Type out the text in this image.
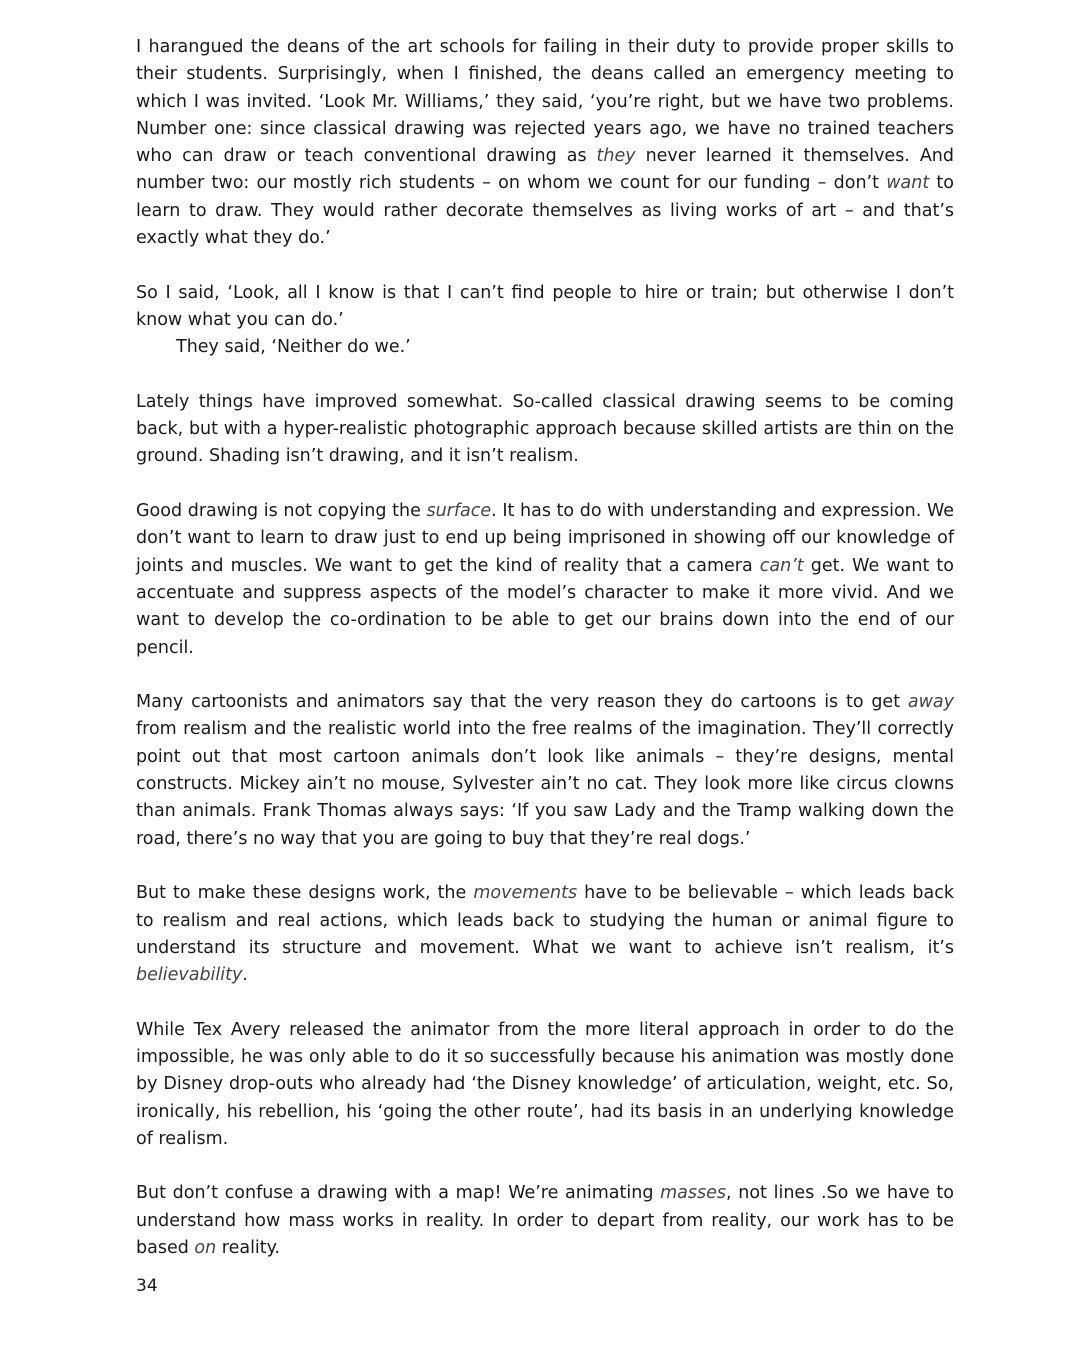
I harangued the deans of the art schools for failing in their duty to provide proper skills to their students. Surprisingly, when I finished, the deans called an emergency meeting to which I was invited. ‘Look Mr. Williams,’ they said, ‘you’re right, but we have two problems. Number one: since classical drawing was rejected years ago, we have no trained teachers who can draw or teach conventional drawing as they never learned it themselves. And number two: our mostly rich students – on whom we count for our funding – don’t want to learn to draw. They would rather decorate themselves as living works of art – and that’s exactly what they do.’

So I said, ‘Look, all I know is that I can’t find people to hire or train; but otherwise I don’t know what you can do.’

They said, ‘Neither do we.’

Lately things have improved somewhat. So-called classical drawing seems to be coming back, but with a hyper-realistic photographic approach because skilled artists are thin on the ground. Shading isn’t drawing, and it isn’t realism.

Good drawing is not copying the surface. It has to do with understanding and expression. We don’t want to learn to draw just to end up being imprisoned in showing off our knowledge of joints and muscles. We want to get the kind of reality that a camera can’t get. We want to accentuate and suppress aspects of the model’s character to make it more vivid. And we want to develop the co-ordination to be able to get our brains down into the end of our pencil.

Many cartoonists and animators say that the very reason they do cartoons is to get away from realism and the realistic world into the free realms of the imagination. They’ll correctly point out that most cartoon animals don’t look like animals – they’re designs, mental constructs. Mickey ain’t no mouse, Sylvester ain’t no cat. They look more like circus clowns than animals. Frank Thomas always says: ‘If you saw Lady and the Tramp walking down the road, there’s no way that you are going to buy that they’re real dogs.’

But to make these designs work, the movements have to be believable – which leads back to realism and real actions, which leads back to studying the human or animal figure to understand its structure and movement. What we want to achieve isn’t realism, it’s believability.

While Tex Avery released the animator from the more literal approach in order to do the impossible, he was only able to do it so successfully because his animation was mostly done by Disney drop-outs who already had ‘the Disney knowledge’ of articulation, weight, etc. So, ironically, his rebellion, his ‘going the other route’, had its basis in an underlying knowledge of realism.

But don’t confuse a drawing with a map! We’re animating masses, not lines .So we have to understand how mass works in reality. In order to depart from reality, our work has to be based on reality.

34
